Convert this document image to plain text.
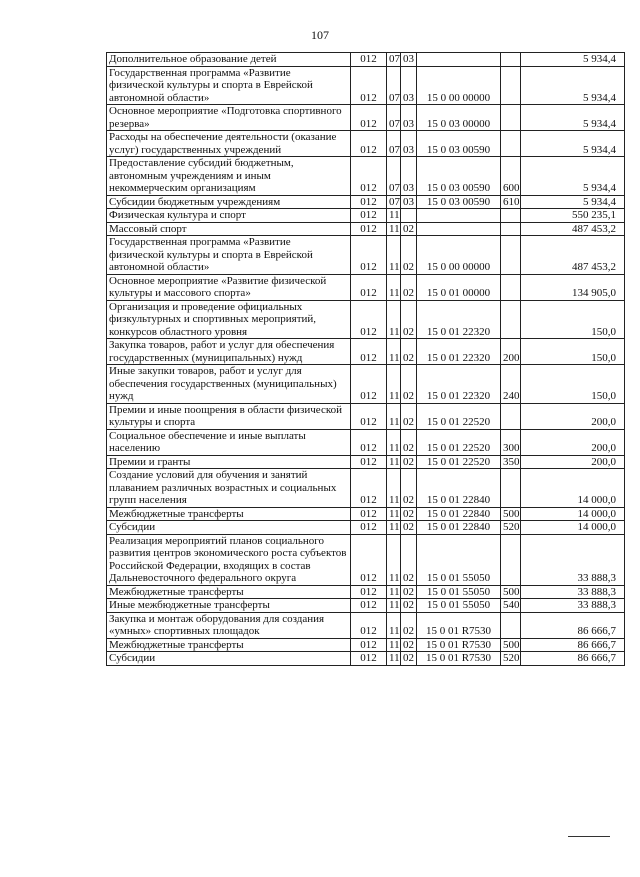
107
Дополнительное образование детей	012	07	03			5 934,4
Государственная программа «Развитие физической культуры и спорта в Еврейской автономной области»	012	07	03	15 0 00 00000		5 934,4
Основное мероприятие «Подготовка спортивного резерва»	012	07	03	15 0 03 00000		5 934,4
Расходы на обеспечение деятельности (оказание услуг) государственных учреждений	012	07	03	15 0 03 00590		5 934,4
Предоставление субсидий бюджетным, автономным учреждениям и иным некоммерческим организациям	012	07	03	15 0 03 00590	600	5 934,4
Субсидии бюджетным учреждениям	012	07	03	15 0 03 00590	610	5 934,4
Физическая культура и спорт	012	11				550 235,1
Массовый спорт	012	11	02			487 453,2
Государственная программа «Развитие физической культуры и спорта в Еврейской автономной области»	012	11	02	15 0 00 00000		487 453,2
Основное мероприятие «Развитие физической культуры и массового спорта»	012	11	02	15 0 01 00000		134 905,0
Организация и проведение официальных физкультурных и спортивных мероприятий, конкурсов областного уровня	012	11	02	15 0 01 22320		150,0
Закупка товаров, работ и услуг для обеспечения государственных (муниципальных) нужд	012	11	02	15 0 01 22320	200	150,0
Иные закупки товаров, работ и услуг для обеспечения государственных (муниципальных) нужд	012	11	02	15 0 01 22320	240	150,0
Премии и иные поощрения в области физической культуры и спорта	012	11	02	15 0 01 22520		200,0
Социальное обеспечение и иные выплаты населению	012	11	02	15 0 01 22520	300	200,0
Премии и гранты	012	11	02	15 0 01 22520	350	200,0
Создание условий для обучения и занятий плаванием различных возрастных и социальных групп населения	012	11	02	15 0 01 22840		14 000,0
Межбюджетные трансферты	012	11	02	15 0 01 22840	500	14 000,0
Субсидии	012	11	02	15 0 01 22840	520	14 000,0
Реализация мероприятий планов социального развития центров экономического роста субъектов Российской Федерации, входящих в состав Дальневосточного федерального округа	012	11	02	15 0 01 55050		33 888,3
Межбюджетные трансферты	012	11	02	15 0 01 55050	500	33 888,3
Иные межбюджетные трансферты	012	11	02	15 0 01 55050	540	33 888,3
Закупка и монтаж оборудования для создания «умных» спортивных площадок	012	11	02	15 0 01 R7530		86 666,7
Межбюджетные трансферты	012	11	02	15 0 01 R7530	500	86 666,7
Субсидии	012	11	02	15 0 01 R7530	520	86 666,7
